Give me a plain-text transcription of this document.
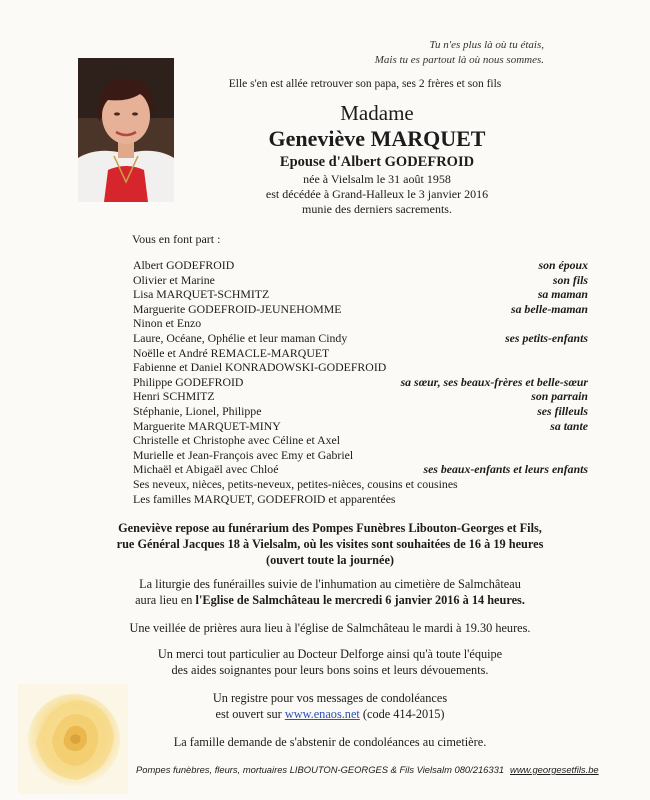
Tu n'es plus là où tu étais,
Mais tu es partout là où nous sommes.
Elle s'en est allée retrouver son papa, ses 2 frères et son fils
Madame
Geneviève MARQUET
Epouse d'Albert GODEFROID
née à Vielsalm le 31 août 1958
est décédée à Grand-Halleux le 3 janvier 2016
munie des derniers sacrements.
Vous en font part :
Albert GODEFROID	son époux
Olivier et Marine	son fils
Lisa MARQUET-SCHMITZ	sa maman
Marguerite GODEFROID-JEUNEHOMME	sa belle-maman
Ninon et Enzo
Laure, Océane, Ophélie et leur maman Cindy	ses petits-enfants
Noëlle et André REMACLE-MARQUET
Fabienne et Daniel KONRADOWSKI-GODEFROID
Philippe GODEFROID	sa sœur, ses beaux-frères et belle-sœur
Henri SCHMITZ	son parrain
Stéphanie, Lionel, Philippe	ses filleuls
Marguerite MARQUET-MINY	sa tante
Christelle et Christophe avec Céline et Axel
Murielle et Jean-François avec Emy et Gabriel
Michaël et Abigaël avec Chloé	ses beaux-enfants et leurs enfants
Ses neveux, nièces, petits-neveux, petites-nièces, cousins et cousines
Les familles MARQUET, GODEFROID et apparentées
Geneviève repose au funérarium des Pompes Funèbres Libouton-Georges et Fils,
rue Général Jacques 18 à Vielsalm, où les visites sont souhaitées de 16 à 19 heures
(ouvert toute la journée)
La liturgie des funérailles suivie de l'inhumation au cimetière de Salmchâteau
aura lieu en l'Eglise de Salmchâteau le mercredi 6 janvier 2016 à 14 heures.
Une veillée de prières aura lieu à l'église de Salmchâteau le mardi à 19.30 heures.
Un merci tout particulier au Docteur Delforge ainsi qu'à toute l'équipe
des aides soignantes pour leurs bons soins et leurs dévouements.
Un registre pour vos messages de condoléances
est ouvert sur www.enaos.net (code 414-2015)
La famille demande de s'abstenir de condoléances au cimetière.
Pompes funèbres, fleurs, mortuaires LIBOUTON-GEORGES & Fils Vielsalm 080/216331 www.georgesetfils.be
